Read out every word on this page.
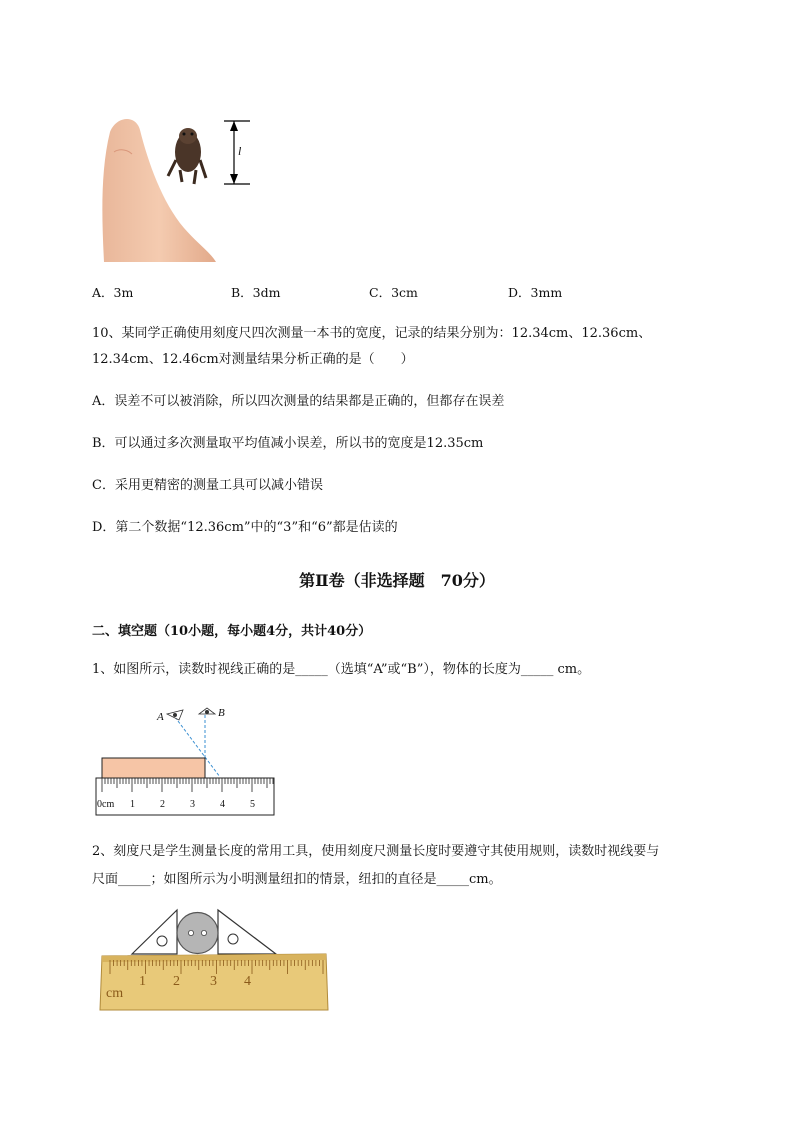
l
A．3m	B．3dm	C．3cm	D．3mm
10、某同学正确使用刻度尺四次测量一本书的宽度，记录的结果分别为：12.34cm、12.36cm、
12.34cm、12.46cm对测量结果分析正确的是（　　）
A．误差不可以被消除，所以四次测量的结果都是正确的，但都存在误差
B．可以通过多次测量取平均值减小误差，所以书的宽度是12.35cm
C．采用更精密的测量工具可以减小错误
D．第二个数据“12.36cm”中的“3”和“6”都是估读的
第Ⅱ卷（非选择题　70分）
二、填空题（10小题，每小题4分，共计40分）
1、如图所示，读数时视线正确的是_____（选填“A”或“B”），物体的长度为_____ cm。
A	B
0cm 1	2	3	4	5
2、刻度尺是学生测量长度的常用工具，使用刻度尺测量长度时要遵守其使用规则，读数时视线要与
尺面_____；如图所示为小明测量纽扣的情景，纽扣的直径是_____cm。
cm
1 2 3 4
